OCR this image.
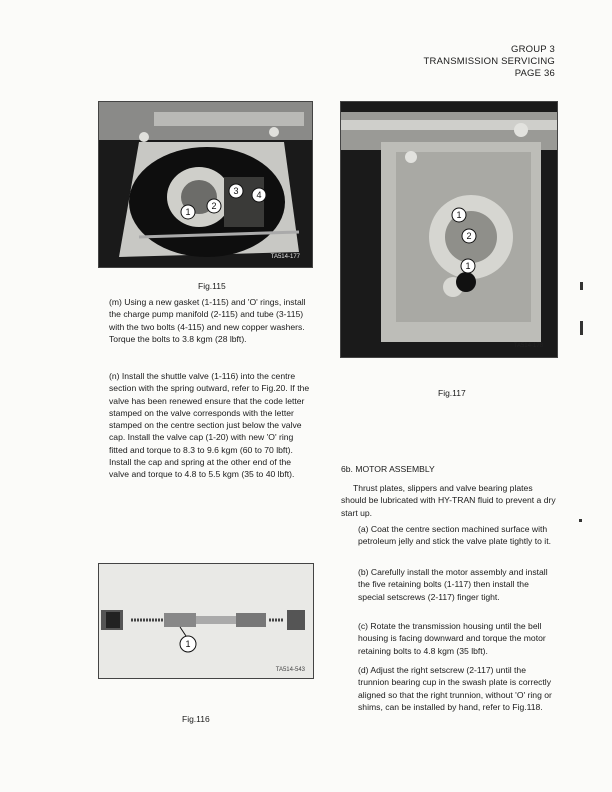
GROUP 3
TRANSMISSION SERVICING
PAGE 36
1
2
3 4
TA514-177
Fig.115

(m) Using a new gasket (1-115) and 'O' rings, install the charge pump manifold (2-115) and tube (3-115) with the two bolts (4-115) and new copper washers. Torque the bolts to 3.8 kgm (28 lbft).

(n) Install the shuttle valve (1-116) into the centre section with the spring outward, refer to Fig.20. If the valve has been renewed ensure that the code letter stamped on the valve corresponds with the letter stamped on the centre section just below the valve cap. Install the valve cap (1-20) with new 'O' ring fitted and torque to 8.3 to 9.6 kgm (60 to 70 lbft). Install the cap and spring at the other end of the valve and torque to 4.8 to 5.5 kgm (35 to 40 lbft).

1
TA514-543
Fig.116
1
2
1
TA514-178
Fig.117
6b. MOTOR ASSEMBLY

Thrust plates, slippers and valve bearing plates should be lubricated with HY-TRAN fluid to prevent a dry start up.

(a) Coat the centre section machined surface with petroleum jelly and stick the valve plate tightly to it.

(b) Carefully install the motor assembly and install the five retaining bolts (1-117) then install the special setscrews (2-117) finger tight.

(c) Rotate the transmission housing until the bell housing is facing downward and torque the motor retaining bolts to 4.8 kgm (35 lbft).

(d) Adjust the right setscrew (2-117) until the trunnion bearing cup in the swash plate is correctly aligned so that the right trunnion, without 'O' ring or shims, can be installed by hand, refer to Fig.118.
